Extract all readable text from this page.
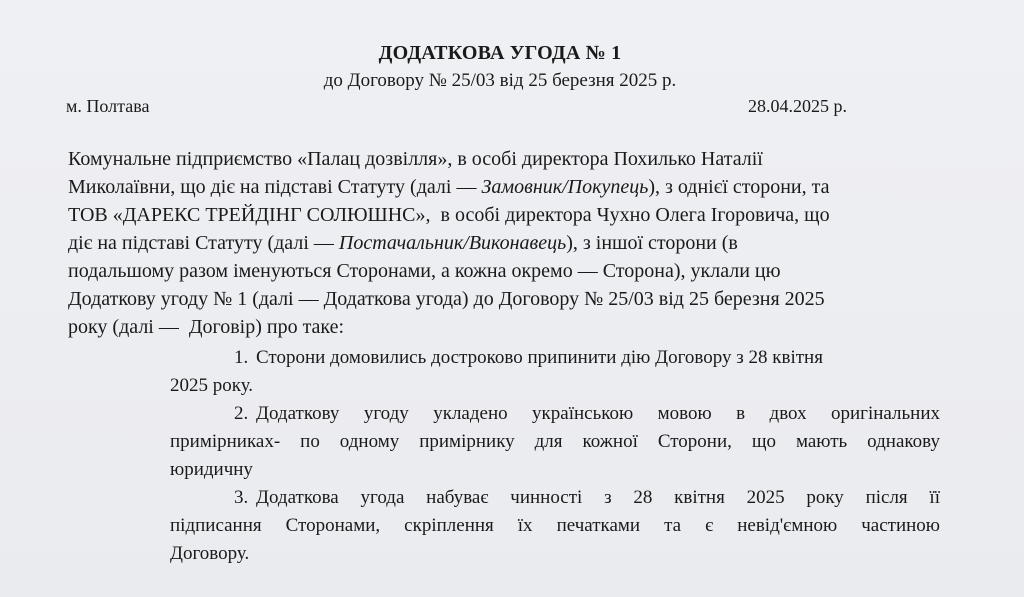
ДОДАТКОВА УГОДА № 1
до Договору № 25/03 від 25 березня 2025 р.
м. Полтава	28.04.2025 р.
Комунальне підприємство «Палац дозвілля», в особі директора Похилько Наталії
Миколаївни, що діє на підставі Статуту (далі — Замовник/Покупець), з однієї сторони, та
ТОВ «ДАРЕКС ТРЕЙДІНГ СОЛЮШНС»,  в особі директора Чухно Олега Ігоровича, що
діє на підставі Статуту (далі — Постачальник/Виконавець), з іншої сторони (в
подальшому разом іменуються Сторонами, а кожна окремо — Сторона), уклали цю
Додаткову угоду № 1 (далі — Додаткова угода) до Договору № 25/03 від 25 березня 2025
року (далі —  Договір) про таке:
1. Сторони домовились достроково припинити дію Договору з 28 квітня
2025 року.
2. Додаткову угоду укладено українською мовою в двох оригінальних
примірниках- по одному примірнику для кожної Сторони, що мають однакову
юридичну
3. Додаткова угода набуває чинності з 28 квітня 2025 року після її
підписання Сторонами, скріплення їх печатками та є невід'ємною частиною
Договору.
